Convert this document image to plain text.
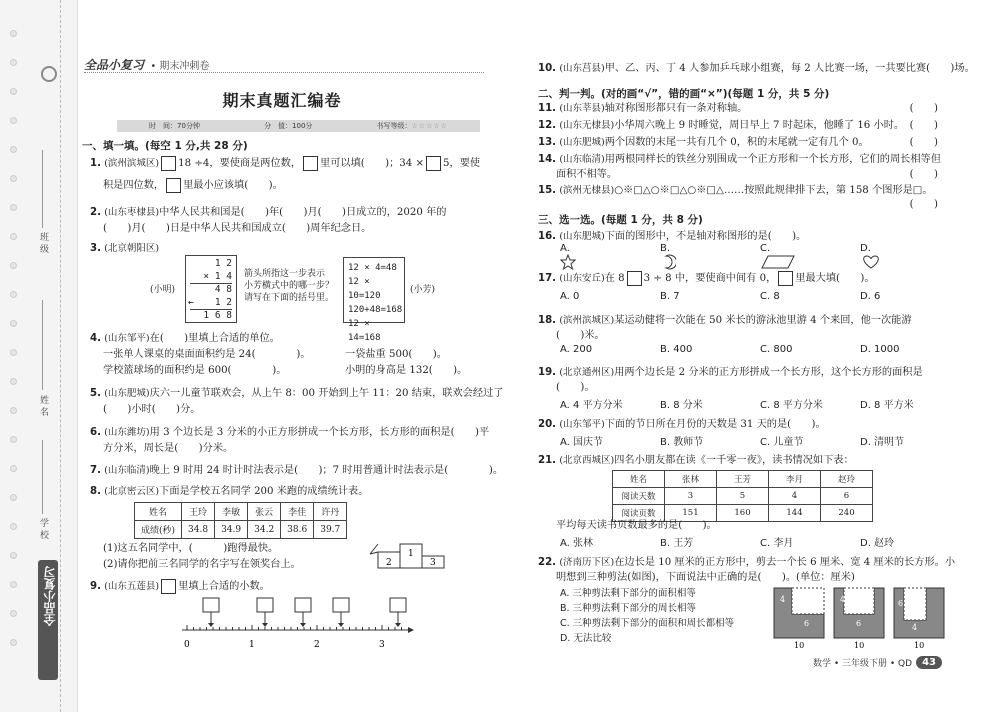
班 级
姓 名
学 校
全品小复习
全品小复习 • 期末冲刺卷
期末真题汇编卷
时　间：70分钟	分　值：100分	书写等级：☆☆☆☆☆
一、填一填。(每空 1 分,共 28 分)
1. (滨州滨城区) 18 ÷4，要使商是两位数， 里可以填(　　)；34 × 5，要使
积是四位数， 里最小应该填(　　)。
2. (山东枣棣县)中华人民共和国是(　　)年(　　)月(　　)日成立的，2020 年的
(　　)月(　　)日是中华人民共和国成立(　　)周年纪念日。
3. (北京朝阳区)
(小明)
1 2
× 1 4
4 8
← 1 2
1 6 8
箭头所指这一步表示
小芳横式中的哪一步？
请写在下面的括号里。
12 × 4=48
12 × 10=120
120+48=168
12 × 14=168
(小芳)
4. (山东邹平)在(　　)里填上合适的单位。
一张单人课桌的桌面面积约是 24(　　　　)。	一袋盐重 500(　　)。
学校篮球场的面积约是 600(　　　　)。	小明的身高是 132(　　)。
5. (山东肥城)庆六一儿童节联欢会，从上午 8：00 开始到上午 11：20 结束，联欢会经过了
(　　)小时(　　)分。
6. (山东潍坊)用 3 个边长是 3 分米的小正方形拼成一个长方形，长方形的面积是(　　)平
方分米，周长是(　　)分米。
7. (山东临清)晚上 9 时用 24 时计时法表示是(　　)；7 时用普通计时法表示是(　　　　)。
8. (北京密云区)下面是学校五名同学 200 米跑的成绩统计表。
姓名	王玲	李敏	张云	李佳	许丹
成绩(秒)	34.8	34.9	34.2	38.6	39.7
(1)这五名同学中，(　　　)跑得最快。
(2)请你把前三名同学的名字写在领奖台上。	2
1
3
9. (山东五莲县) 里填上合适的小数。
0	1	2	3
10. (山东莒县)甲、乙、丙、丁 4 人参加乒乓球小组赛，每 2 人比赛一场，一共要比赛(　　)场。
二、判一判。(对的画“√”，错的画“×”)(每题 1 分，共 5 分)
11. (山东莘县)轴对称图形都只有一条对称轴。	(　　)
12. (山东无棣县)小华周六晚上 9 时睡觉，周日早上 7 时起床，他睡了 16 小时。 (　　)
13. (山东肥城)两个因数的末尾一共有几个 0，积的末尾就一定有几个 0。	(　　)
14. (山东临清)用两根同样长的铁丝分别围成一个正方形和一个长方形，它们的周长相等但
面积不相等。	(　　)
15. (滨州无棣县)○※□△○※□△○※□△……按照此规律排下去，第 158 个图形是□。
(　　)
三、选一选。(每题 1 分，共 8 分)
16. (山东肥城)下面的图形中，不是轴对称图形的是(　　)。
A.	B.	C.	D.
17. (山东安丘)在 8 3 ÷ 8 中，要使商中间有 0， 里最大填(　　)。
A. 0	B. 7	C. 8	D. 6
18. (滨州滨城区)某运动健将一次能在 50 米长的游泳池里游 4 个来回，他一次能游
(　　)米。
A. 200	B. 400	C. 800	D. 1000
19. (北京通州区)用两个边长是 2 分米的正方形拼成一个长方形，这个长方形的面积是
(　　)。
A. 4 平方分米	B. 8 分米	C. 8 平方分米	D. 8 平方米
20. (山东邹平)下面的节日所在月份的天数是 31 天的是(　　)。
A. 国庆节	B. 教师节	C. 儿童节	D. 清明节
21. (北京西城区)四名小朋友都在读《一千零一夜》，读书情况如下表：
姓名	张林	王芳	李月	赵玲
阅读天数	3	5	4	6
阅读页数	151	160	144	240
平均每天读书页数最多的是(　　)。
A. 张林	B. 王芳	C. 李月	D. 赵玲
22. (济南历下区)在边长是 10 厘米的正方形中，剪去一个长 6 厘米、宽 4 厘米的长方形。小
明想到三种剪法(如图)，下面说法中正确的是(　　)。(单位：厘米)
A. 三种剪法剩下部分的面积相等
B. 三种剪法剩下部分的周长相等
C. 三种剪法剩下部分的面积和周长都相等
D. 无法比较
4
6
10
4
6
10
6
4
10
数学 • 三年级下册 • QD	43
